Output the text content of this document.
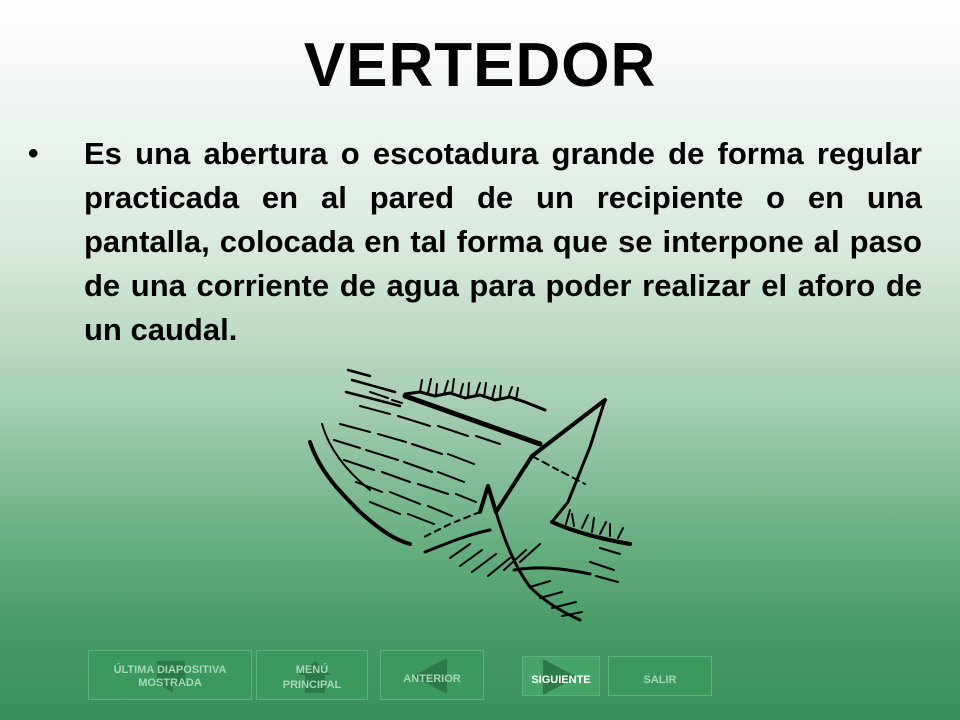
VERTEDOR
• Es una abertura o escotadura grande de forma regular practicada en al pared de un recipiente o en una pantalla, colocada en tal forma que se interpone al paso de una corriente de agua para poder realizar el aforo de un caudal.
ÚLTIMA DIAPOSITIVA
MOSTRADA
MENÚ
PRINCIPAL	ANTERIOR	SIGUIENTE	SALIR
